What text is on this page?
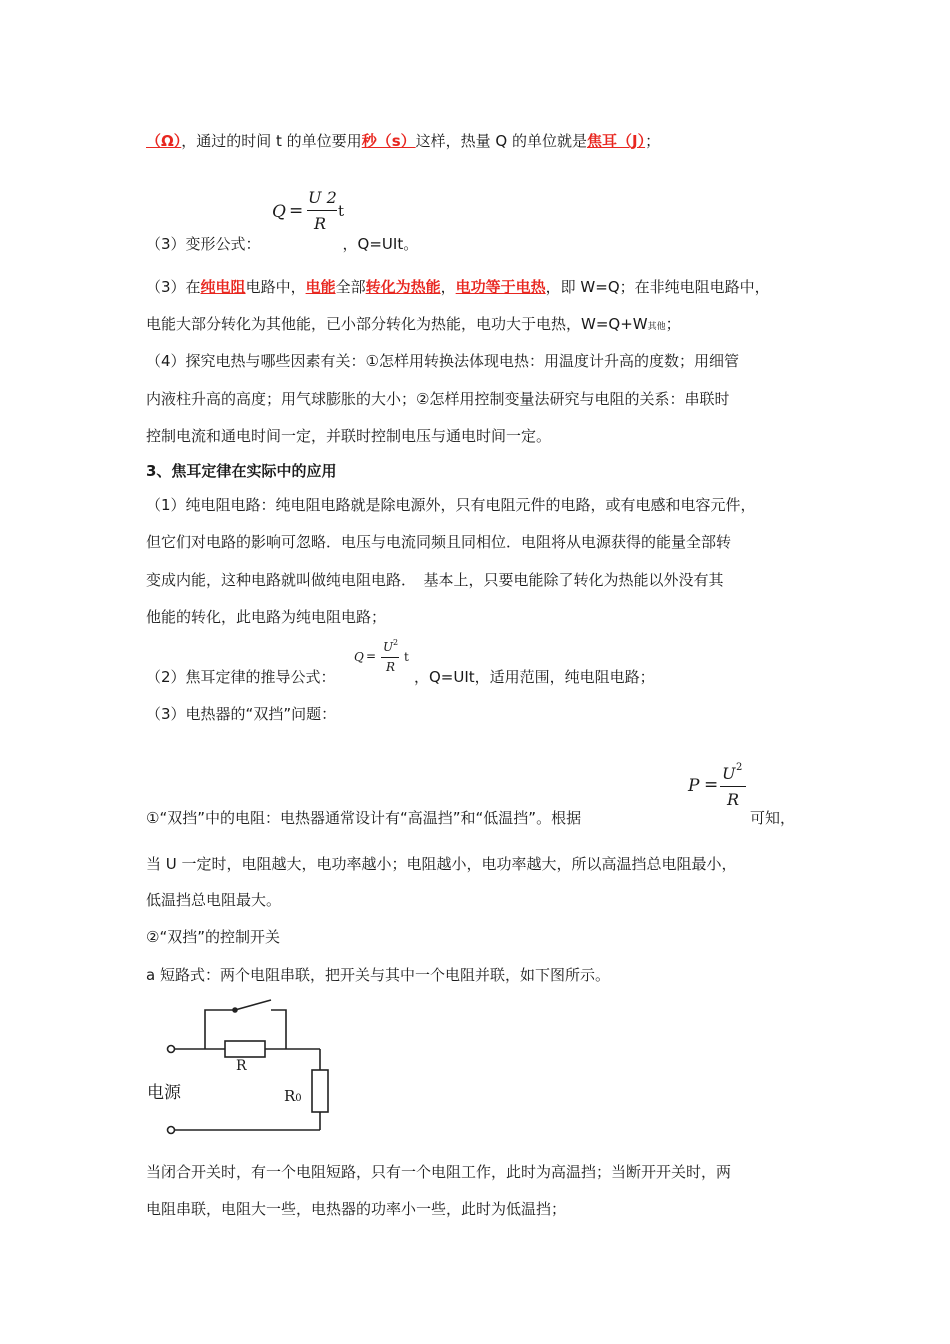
（Ω），通过的时间 t 的单位要用秒（s）这样，热量 Q 的单位就是焦耳（J）；
Q =
U 2
R
t
（3）变形公式：	，Q=UIt。
（3）在纯电阻电路中，电能全部转化为热能，电功等于电热，即 W=Q；在非纯电阻电路中，
电能大部分转化为其他能，已小部分转化为热能，电功大于电热，W=Q+W其他；
（4）探究电热与哪些因素有关：①怎样用转换法体现电热：用温度计升高的度数；用细管
内液柱升高的高度；用气球膨胀的大小；②怎样用控制变量法研究与电阻的关系：串联时
控制电流和通电时间一定，并联时控制电压与通电时间一定。
3、焦耳定律在实际中的应用
（1）纯电阻电路：纯电阻电路就是除电源外，只有电阻元件的电路，或有电感和电容元件，
但它们对电路的影响可忽略．电压与电流同频且同相位．电阻将从电源获得的能量全部转
变成内能，这种电路就叫做纯电阻电路．　基本上，只要电能除了转化为热能以外没有其
他能的转化，此电路为纯电阻电路；
（2）焦耳定律的推导公式：
Q =
U 2
R
t
，Q=UIt，适用范围，纯电阻电路；
（3）电热器的“双挡”问题：
P =
U 2
R
①“双挡”中的电阻：电热器通常设计有“高温挡”和“低温挡”。根据	可知，
当 U 一定时，电阻越大，电功率越小；电阻越小，电功率越大，所以高温挡总电阻最小，
低温挡总电阻最大。
②“双挡”的控制开关
a 短路式：两个电阻串联，把开关与其中一个电阻并联，如下图所示。
电源
R
R0
当闭合开关时，有一个电阻短路，只有一个电阻工作，此时为高温挡；当断开开关时，两
电阻串联，电阻大一些，电热器的功率小一些，此时为低温挡；
